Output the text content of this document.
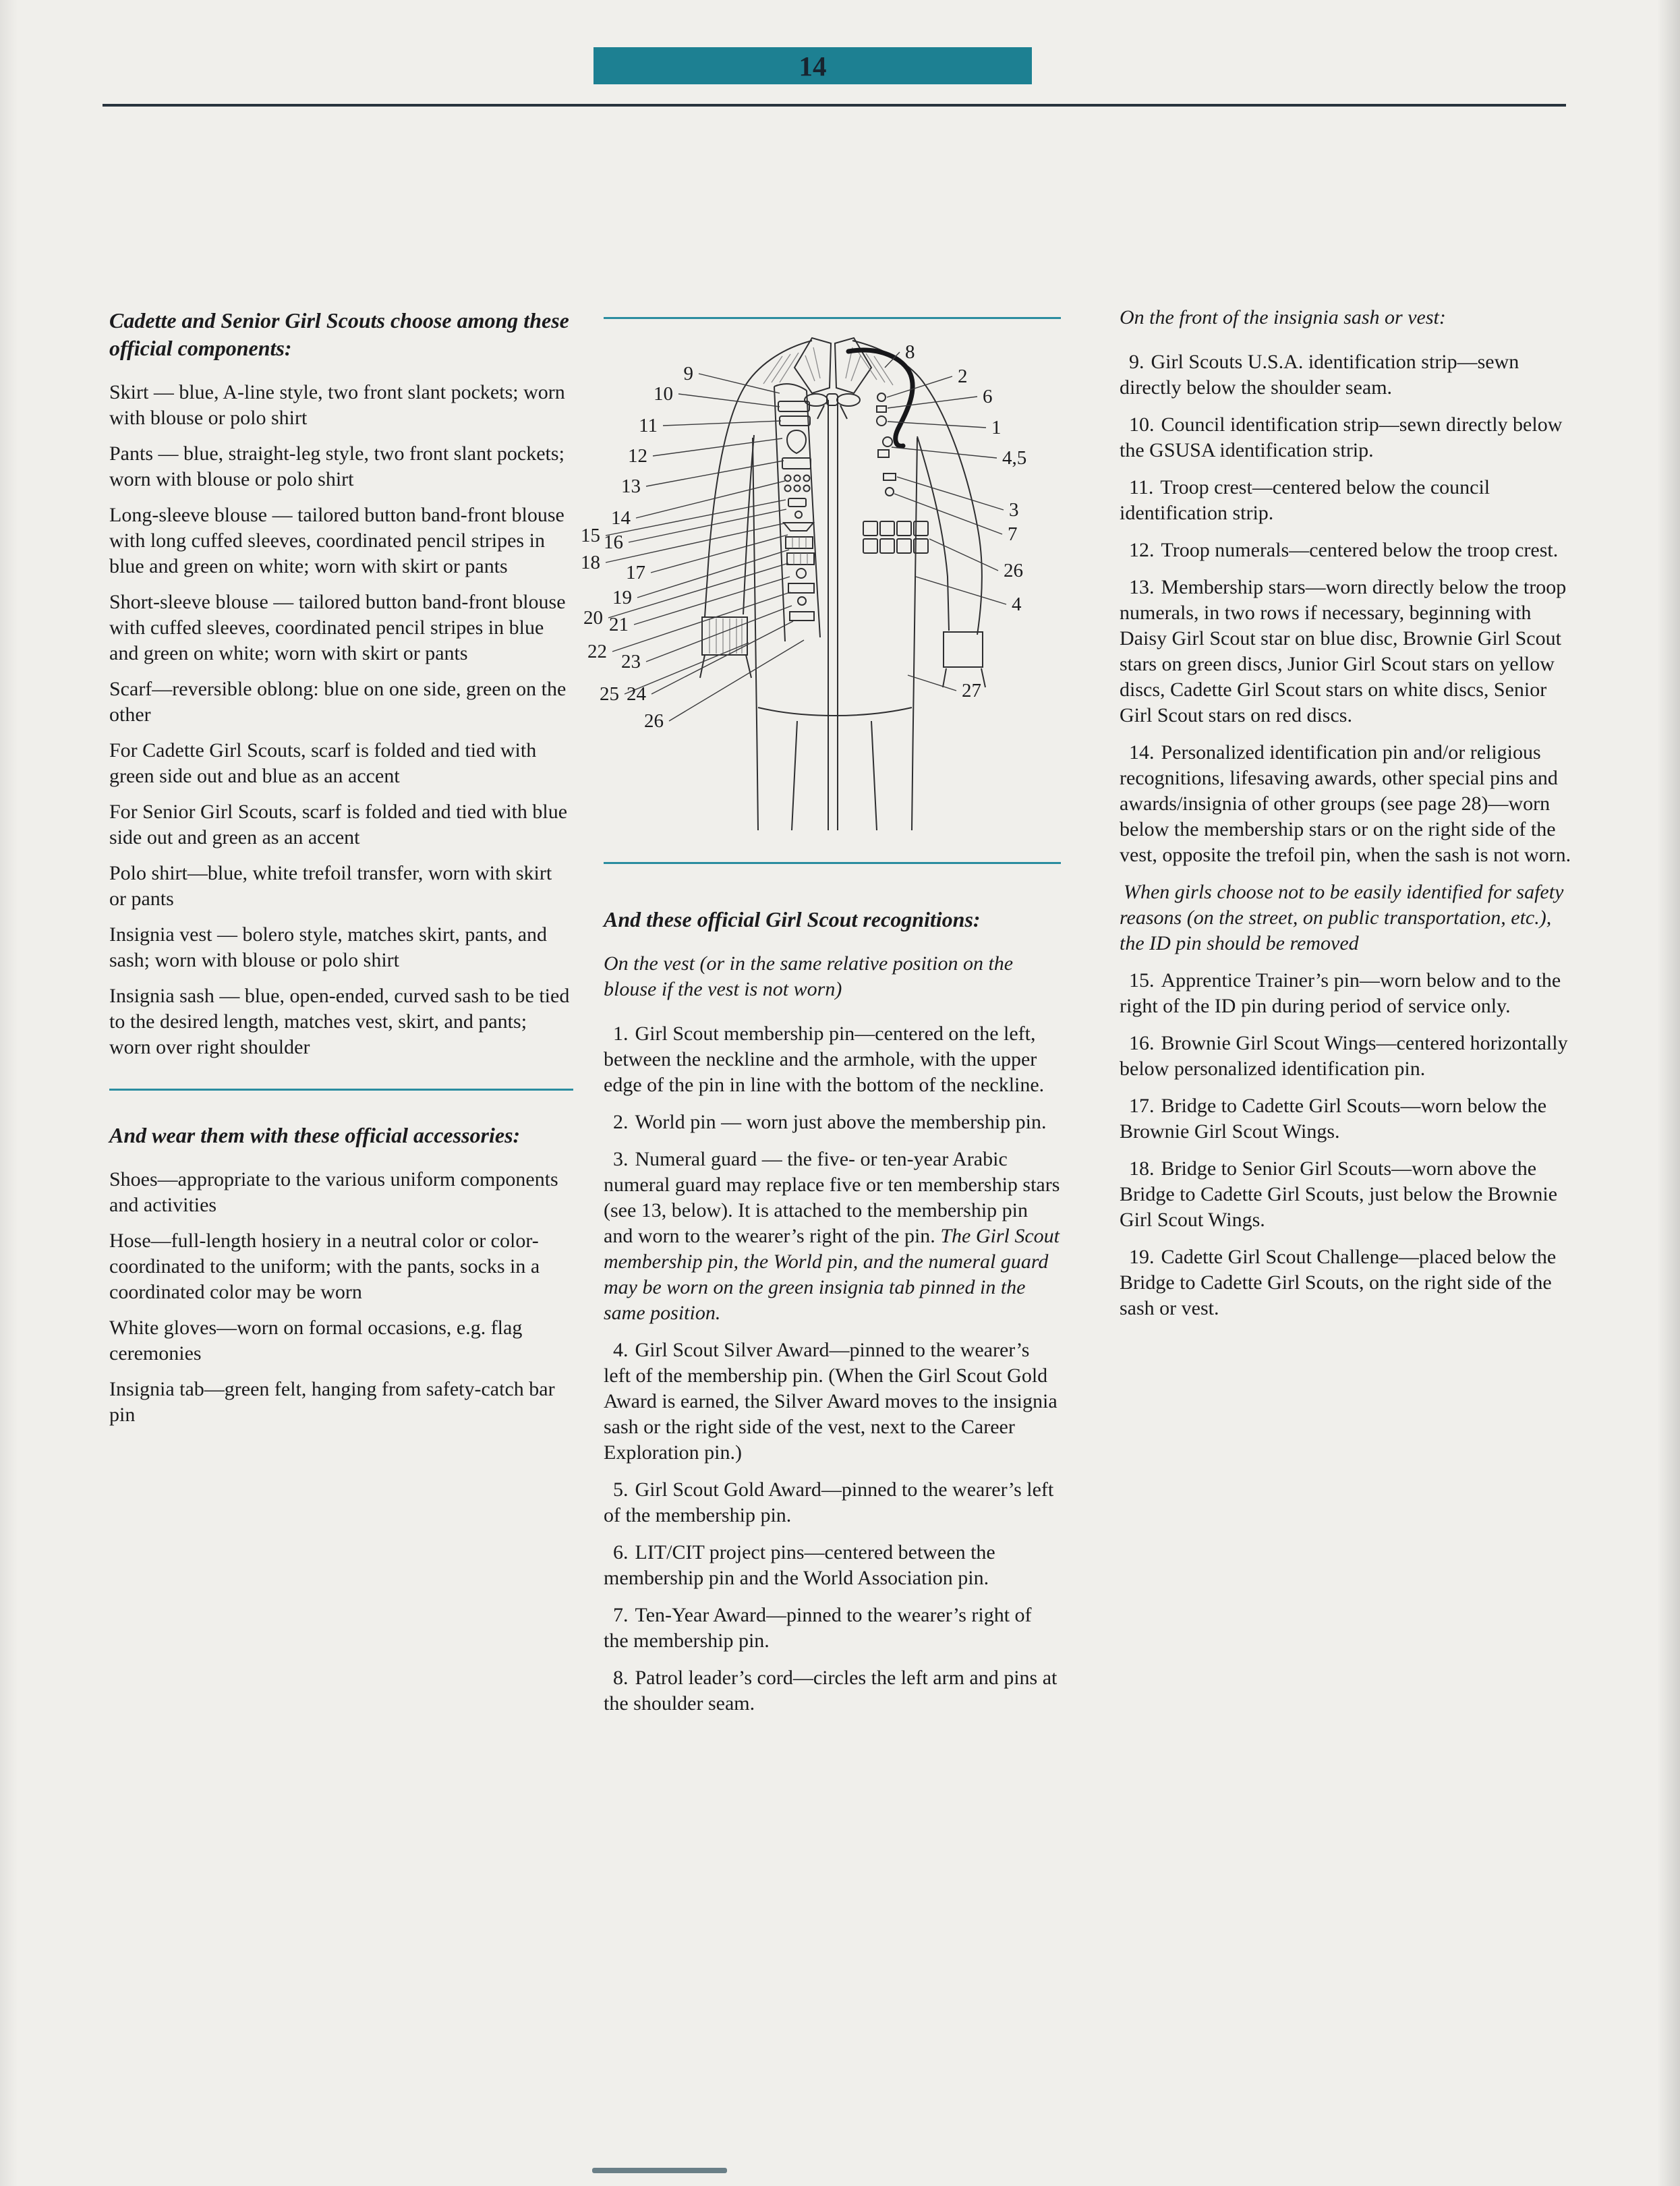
14
Cadette and Senior Girl Scouts choose among these official components:

Skirt — blue, A-line style, two front slant pockets; worn with blouse or polo shirt

Pants — blue, straight-leg style, two front slant pockets; worn with blouse or polo shirt

Long-sleeve blouse — tailored button band-front blouse with long cuffed sleeves, coordinated pencil stripes in blue and green on white; worn with skirt or pants

Short-sleeve blouse — tailored button band-front blouse with cuffed sleeves, coordinated pencil stripes in blue and green on white; worn with skirt or pants

Scarf—reversible oblong: blue on one side, green on the other

For Cadette Girl Scouts, scarf is folded and tied with green side out and blue as an accent

For Senior Girl Scouts, scarf is folded and tied with blue side out and green as an accent

Polo shirt—blue, white trefoil transfer, worn with skirt or pants

Insignia vest — bolero style, matches skirt, pants, and sash; worn with blouse or polo shirt

Insignia sash — blue, open-ended, curved sash to be tied to the desired length, matches vest, skirt, and pants; worn over right shoulder

And wear them with these official accessories:

Shoes—appropriate to the various uniform components and activities

Hose—full-length hosiery in a neutral color or color-coordinated to the uniform; with the pants, socks in a coordinated color may be worn

White gloves—worn on formal occasions, e.g. flag ceremonies

Insignia tab—green felt, hanging from safety-catch bar pin

9
10
11
12
13
14
15 16
18 17
19
20 21
22 23
25 24
26
8
2
6
1
4,5
3
7
26
4
27
And these official Girl Scout recognitions:

On the vest (or in the same relative position on the blouse if the vest is not worn)

1. Girl Scout membership pin—centered on the left, between the neckline and the armhole, with the upper edge of the pin in line with the bottom of the neckline.

2. World pin — worn just above the membership pin.

3. Numeral guard — the five- or ten-year Arabic numeral guard may replace five or ten membership stars (see 13, below). It is attached to the membership pin and worn to the wearer’s right of the pin. The Girl Scout membership pin, the World pin, and the numeral guard may be worn on the green insignia tab pinned in the same position.

4. Girl Scout Silver Award—pinned to the wearer’s left of the membership pin. (When the Girl Scout Gold Award is earned, the Silver Award moves to the insignia sash or the right side of the vest, next to the Career Exploration pin.)

5. Girl Scout Gold Award—pinned to the wearer’s left of the membership pin.

6. LIT/CIT project pins—centered between the membership pin and the World Association pin.

7. Ten-Year Award—pinned to the wearer’s right of the membership pin.

8. Patrol leader’s cord—circles the left arm and pins at the shoulder seam.

On the front of the insignia sash or vest:

9. Girl Scouts U.S.A. identification strip—sewn directly below the shoulder seam.

10. Council identification strip—sewn directly below the GSUSA identification strip.

11. Troop crest—centered below the council identification strip.

12. Troop numerals—centered below the troop crest.

13. Membership stars—worn directly below the troop numerals, in two rows if necessary, beginning with Daisy Girl Scout star on blue disc, Brownie Girl Scout stars on green discs, Junior Girl Scout stars on yellow discs, Cadette Girl Scout stars on white discs, Senior Girl Scout stars on red discs.

14. Personalized identification pin and/or religious recognitions, lifesaving awards, other special pins and awards/insignia of other groups (see page 28)—worn below the membership stars or on the right side of the vest, opposite the trefoil pin, when the sash is not worn.

When girls choose not to be easily identified for safety reasons (on the street, on public transportation, etc.), the ID pin should be removed

15. Apprentice Trainer’s pin—worn below and to the right of the ID pin during period of service only.

16. Brownie Girl Scout Wings—centered horizontally below personalized identification pin.

17. Bridge to Cadette Girl Scouts—worn below the Brownie Girl Scout Wings.

18. Bridge to Senior Girl Scouts—worn above the Bridge to Cadette Girl Scouts, just below the Brownie Girl Scout Wings.

19. Cadette Girl Scout Challenge—placed below the Bridge to Cadette Girl Scouts, on the right side of the sash or vest.
